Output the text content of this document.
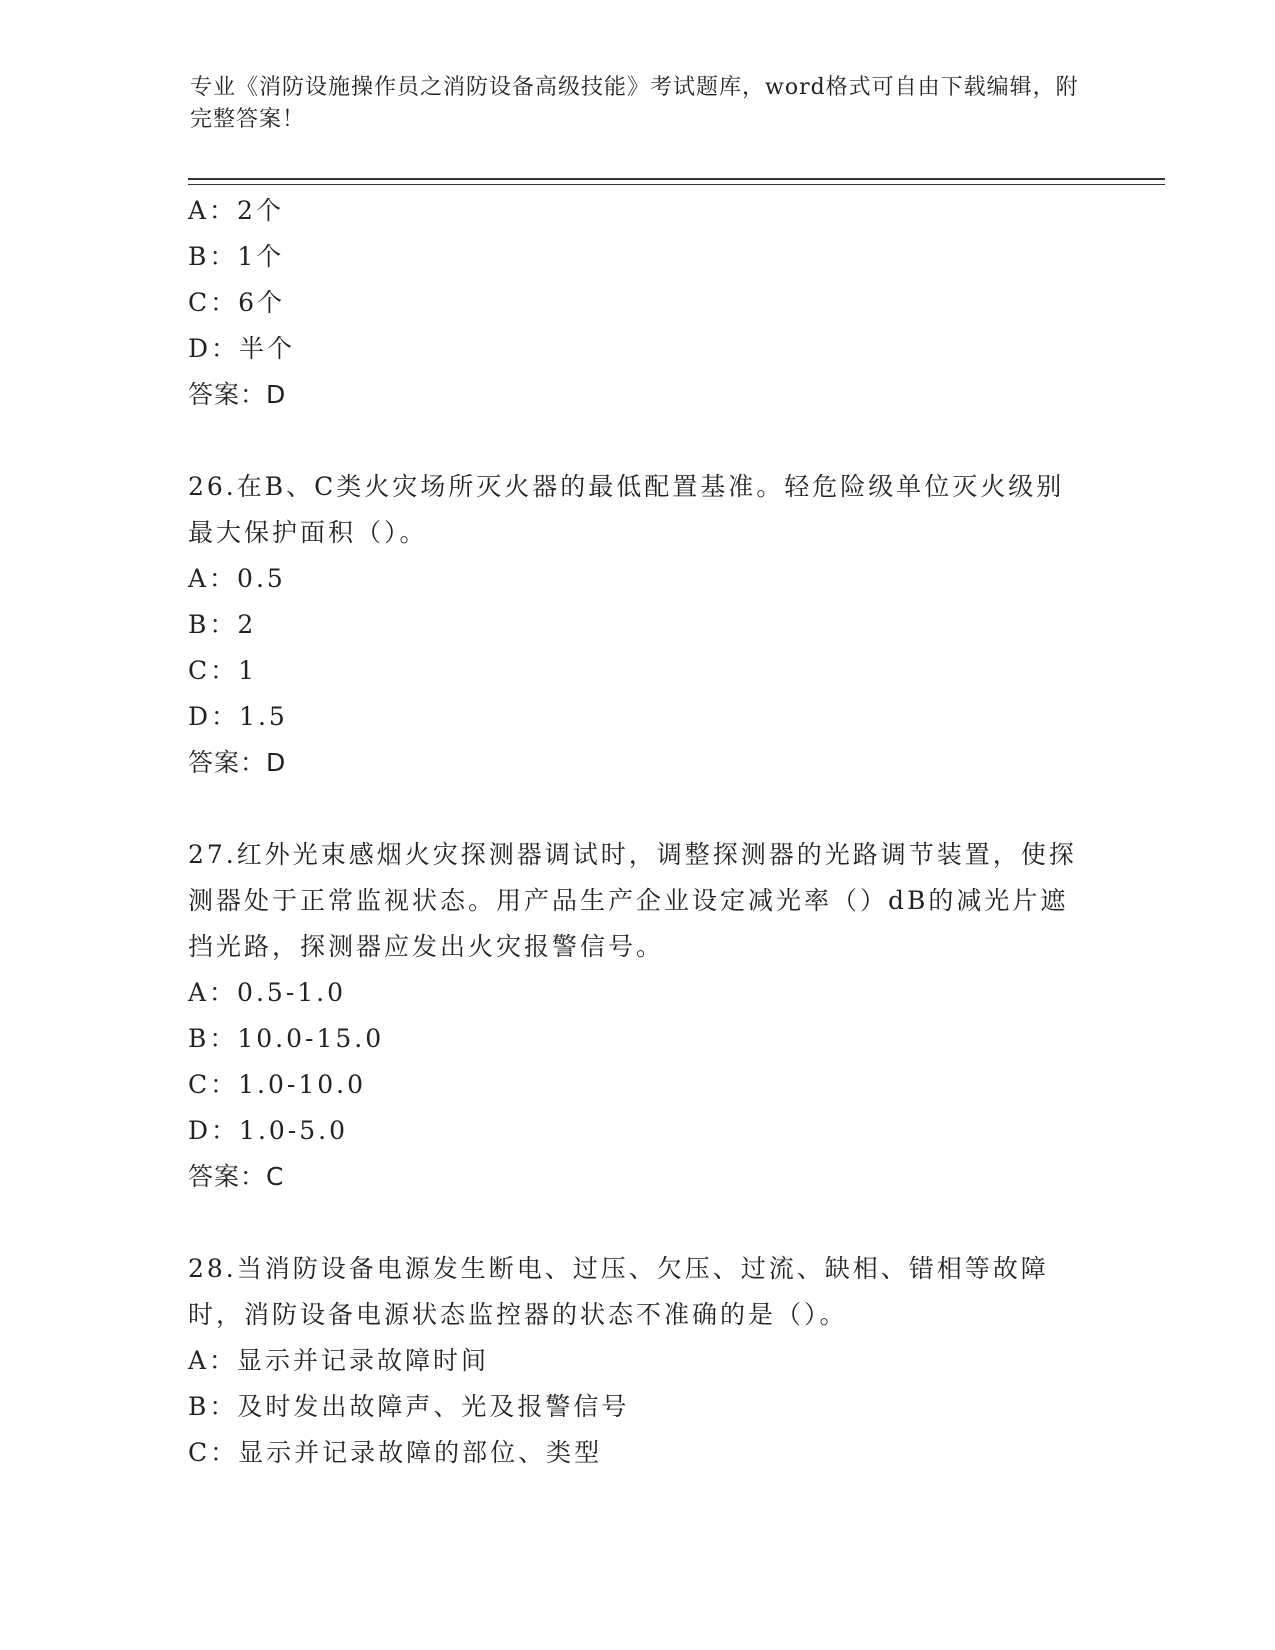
专业《消防设施操作员之消防设备高级技能》考试题库，word格式可自由下载编辑，附完整答案！
A：2个
B：1个
C：6个
D：半个
答案：D
26.在B、C类火灾场所灭火器的最低配置基准。轻危险级单位灭火级别最大保护面积（）。
A：0.5
B：2
C：1
D：1.5
答案：D
27.红外光束感烟火灾探测器调试时，调整探测器的光路调节装置，使探测器处于正常监视状态。用产品生产企业设定减光率（）dB的减光片遮挡光路，探测器应发出火灾报警信号。
A：0.5-1.0
B：10.0-15.0
C：1.0-10.0
D：1.0-5.0
答案：C
28.当消防设备电源发生断电、过压、欠压、过流、缺相、错相等故障时，消防设备电源状态监控器的状态不准确的是（）。
A：显示并记录故障时间
B：及时发出故障声、光及报警信号
C：显示并记录故障的部位、类型
